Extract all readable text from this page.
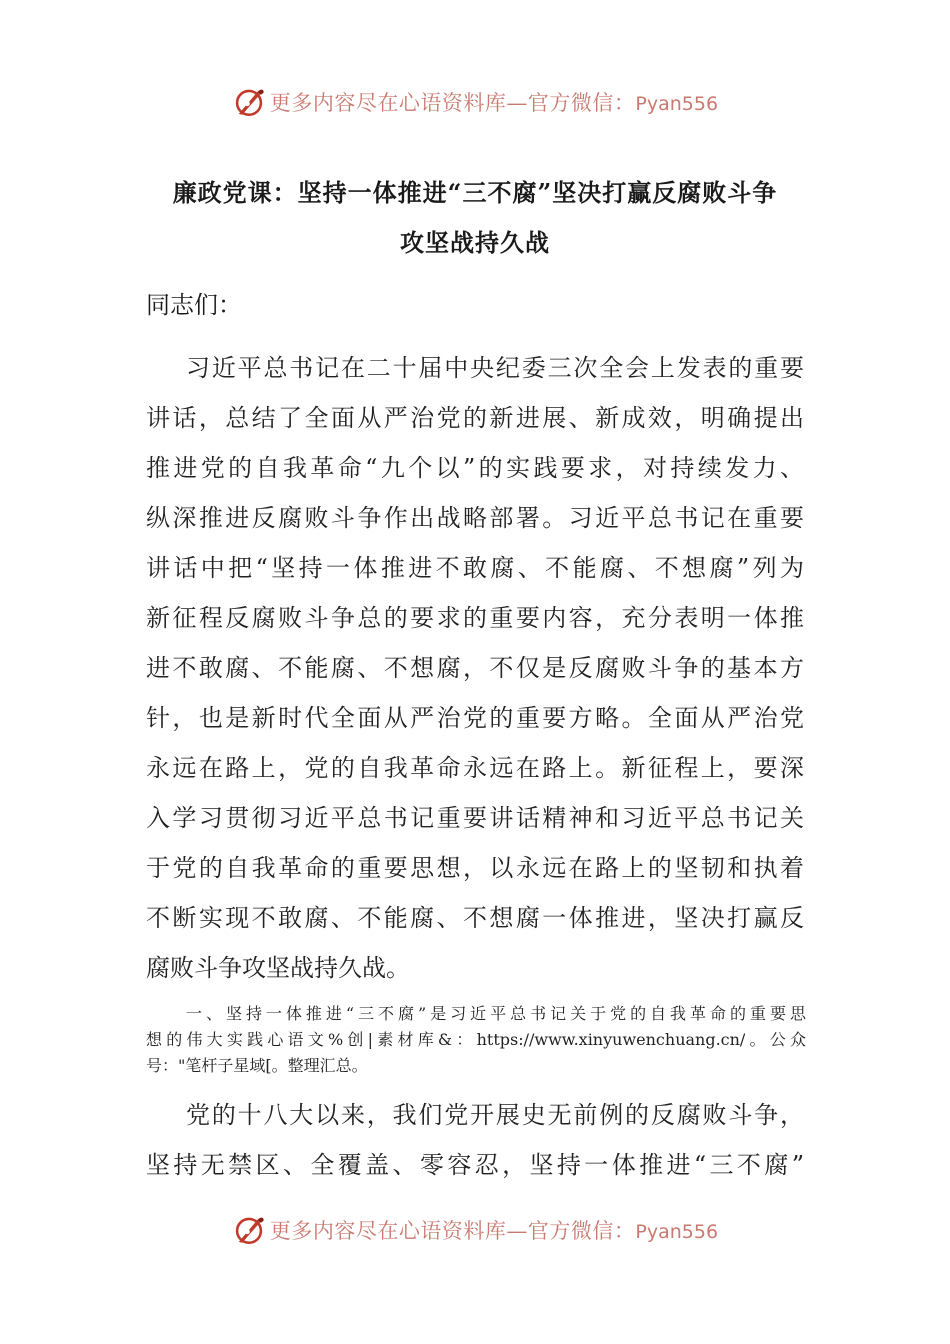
更多内容尽在心语资料库—官方微信：Pyan556
廉政党课：坚持一体推进“三不腐”坚决打赢反腐败斗争
攻坚战持久战
同志们：
习近平总书记在二十届中央纪委三次全会上发表的重要
讲话，总结了全面从严治党的新进展、新成效，明确提出
推进党的自我革命“九个以”的实践要求，对持续发力、
纵深推进反腐败斗争作出战略部署。习近平总书记在重要
讲话中把“坚持一体推进不敢腐、不能腐、不想腐”列为
新征程反腐败斗争总的要求的重要内容，充分表明一体推
进不敢腐、不能腐、不想腐，不仅是反腐败斗争的基本方
针，也是新时代全面从严治党的重要方略。全面从严治党
永远在路上，党的自我革命永远在路上。新征程上，要深
入学习贯彻习近平总书记重要讲话精神和习近平总书记关
于党的自我革命的重要思想，以永远在路上的坚韧和执着
不断实现不敢腐、不能腐、不想腐一体推进，坚决打赢反
腐败斗争攻坚战持久战。
一、坚持一体推进“三不腐”是习近平总书记关于党的自我革命的重要思
想的伟大实践心语文%创|素材库&：https://www.xinyuwenchuang.cn/。公众
号："笔杆子星域[。整理汇总。
党的十八大以来，我们党开展史无前例的反腐败斗争，
坚持无禁区、全覆盖、零容忍，坚持一体推进“三不腐”
更多内容尽在心语资料库—官方微信：Pyan556
